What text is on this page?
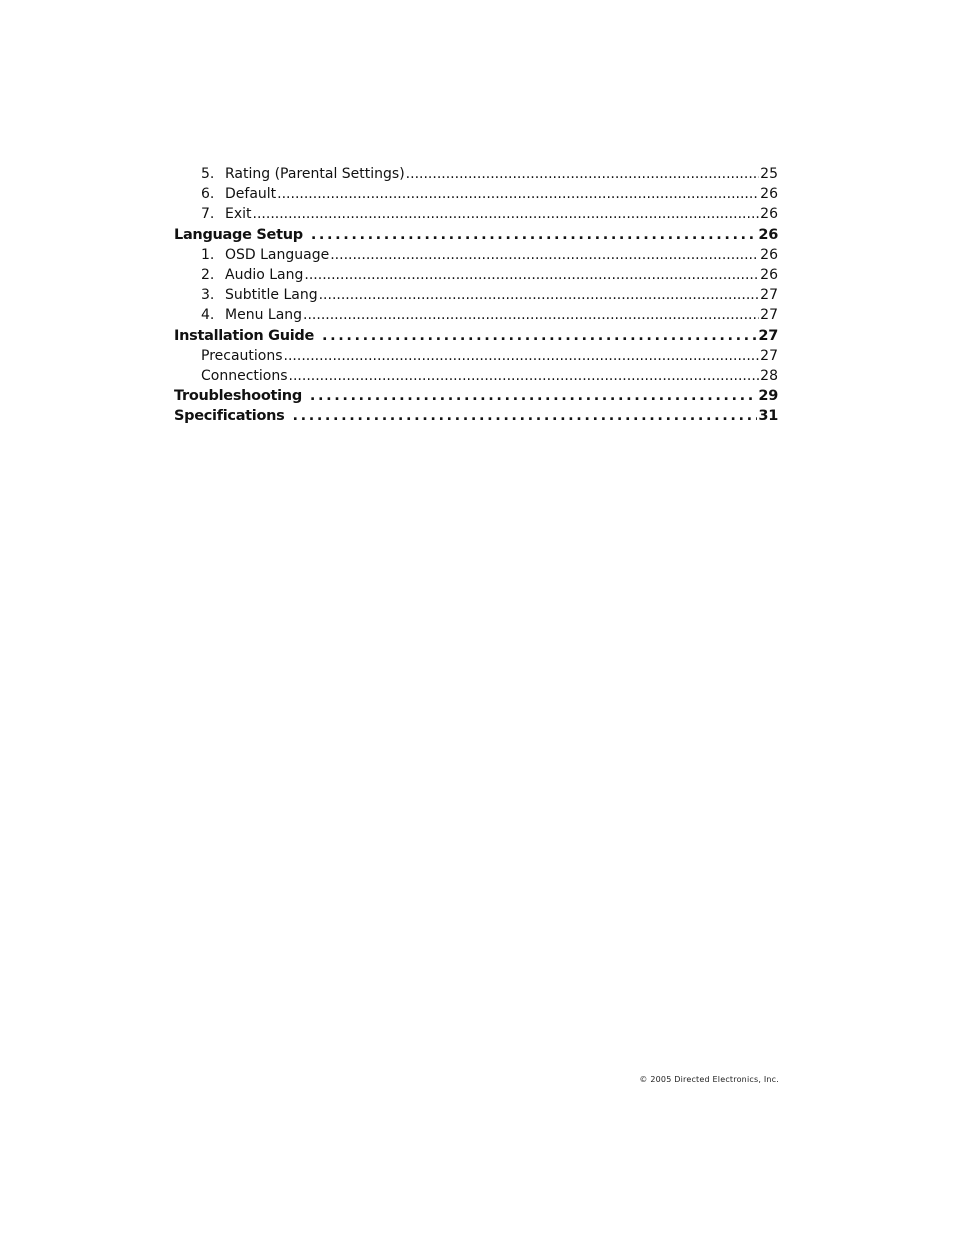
5. Rating (Parental Settings) .....	25
6. Default .....	26
7. Exit .....	26
Language Setup .....	26
1. OSD Language .....	26
2. Audio Lang .....	26
3. Subtitle Lang .....	27
4. Menu Lang .....	27
Installation Guide .....	27
Precautions .....	27
Connections .....	28
Troubleshooting .....	29
Specifications .....	31
© 2005 Directed Electronics, Inc.
